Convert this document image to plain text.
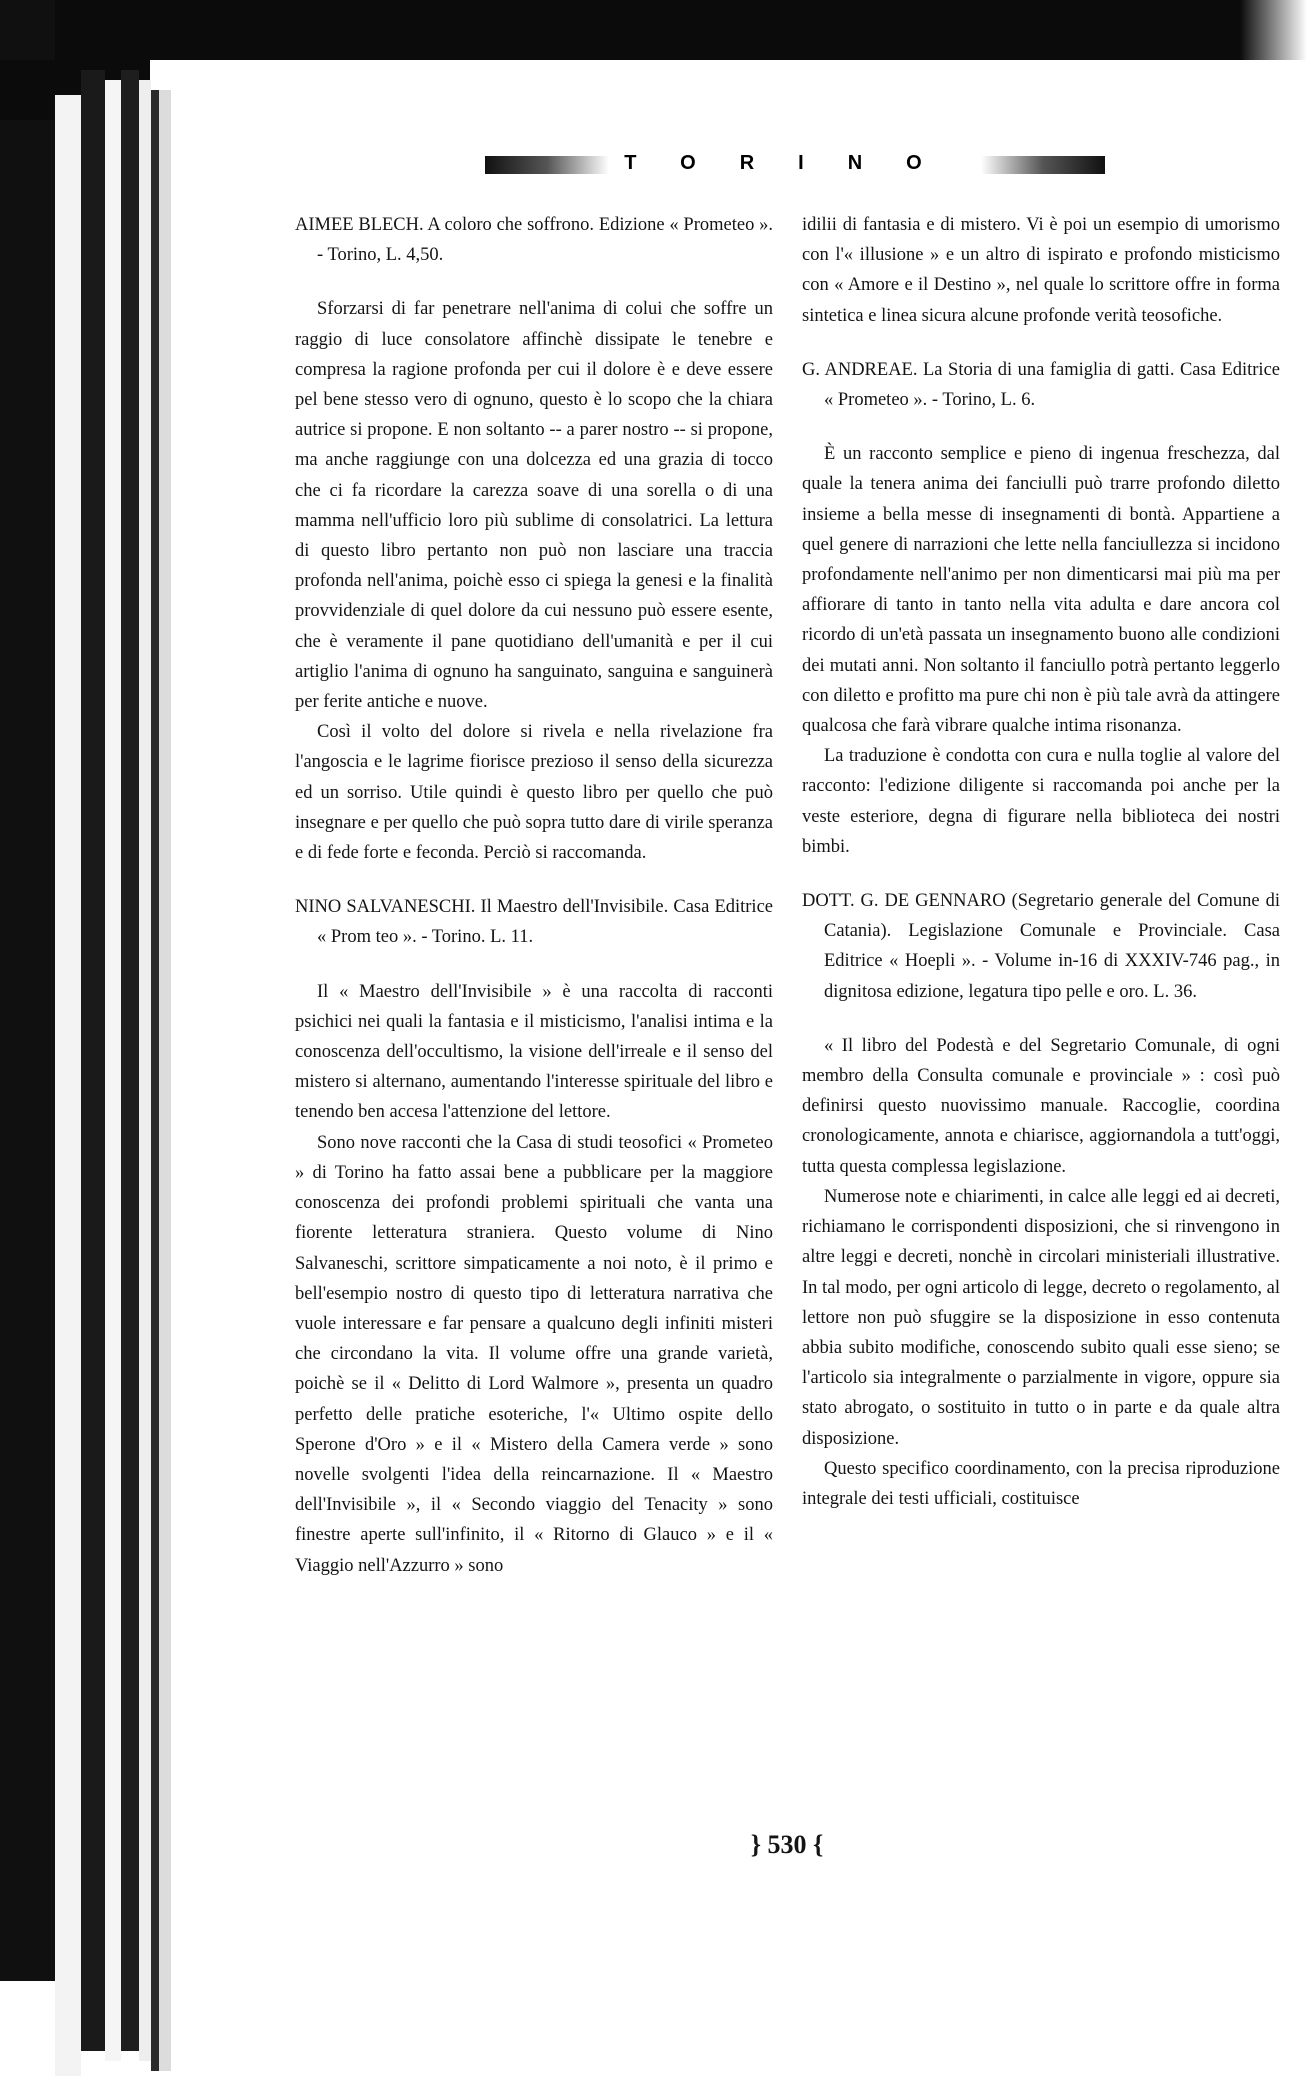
TORINO

AIMEE BLECH. A coloro che soffrono. Edizione « Prometeo ». - Torino, L. 4,50.

Sforzarsi di far penetrare nell'anima di colui che soffre un raggio di luce consolatore affinchè dissipate le tenebre e compresa la ragione profonda per cui il dolore è e deve essere pel bene stesso vero di ognuno, questo è lo scopo che la chiara autrice si propone. E non soltanto -- a parer nostro -- si propone, ma anche raggiunge con una dolcezza ed una grazia di tocco che ci fa ricordare la carezza soave di una sorella o di una mamma nell'ufficio loro più sublime di consolatrici. La lettura di questo libro pertanto non può non lasciare una traccia profonda nell'anima, poichè esso ci spiega la genesi e la finalità provvidenziale di quel dolore da cui nessuno può essere esente, che è veramente il pane quotidiano dell'umanità e per il cui artiglio l'anima di ognuno ha sanguinato, sanguina e sanguinerà per ferite antiche e nuove.

Così il volto del dolore si rivela e nella rivelazione fra l'angoscia e le lagrime fiorisce prezioso il senso della sicurezza ed un sorriso. Utile quindi è questo libro per quello che può insegnare e per quello che può sopra tutto dare di virile speranza e di fede forte e feconda. Perciò si raccomanda.

NINO SALVANESCHI. Il Maestro dell'Invisibile. Casa Editrice « Prom teo ». - Torino. L. 11.

Il « Maestro dell'Invisibile » è una raccolta di racconti psichici nei quali la fantasia e il misticismo, l'analisi intima e la conoscenza dell'occultismo, la visione dell'irreale e il senso del mistero si alternano, aumentando l'interesse spirituale del libro e tenendo ben accesa l'attenzione del lettore.

Sono nove racconti che la Casa di studi teosofici « Prometeo » di Torino ha fatto assai bene a pubblicare per la maggiore conoscenza dei profondi problemi spirituali che vanta una fiorente letteratura straniera. Questo volume di Nino Salvaneschi, scrittore simpaticamente a noi noto, è il primo e bell'esempio nostro di questo tipo di letteratura narrativa che vuole interessare e far pensare a qualcuno degli infiniti misteri che circondano la vita. Il volume offre una grande varietà, poichè se il « Delitto di Lord Walmore », presenta un quadro perfetto delle pratiche esoteriche, l'« Ultimo ospite dello Sperone d'Oro » e il « Mistero della Camera verde » sono novelle svolgenti l'idea della reincarnazione. Il « Maestro dell'Invisibile », il « Secondo viaggio del Tenacity » sono finestre aperte sull'infinito, il « Ritorno di Glauco » e il « Viaggio nell'Azzurro » sono

idilii di fantasia e di mistero. Vi è poi un esempio di umorismo con l'« illusione » e un altro di ispirato e profondo misticismo con « Amore e il Destino », nel quale lo scrittore offre in forma sintetica e linea sicura alcune profonde verità teosofiche.

G. ANDREAE. La Storia di una famiglia di gatti. Casa Editrice « Prometeo ». - Torino, L. 6.

È un racconto semplice e pieno di ingenua freschezza, dal quale la tenera anima dei fanciulli può trarre profondo diletto insieme a bella messe di insegnamenti di bontà. Appartiene a quel genere di narrazioni che lette nella fanciullezza si incidono profondamente nell'animo per non dimenticarsi mai più ma per affiorare di tanto in tanto nella vita adulta e dare ancora col ricordo di un'età passata un insegnamento buono alle condizioni dei mutati anni. Non soltanto il fanciullo potrà pertanto leggerlo con diletto e profitto ma pure chi non è più tale avrà da attingere qualcosa che farà vibrare qualche intima risonanza.

La traduzione è condotta con cura e nulla toglie al valore del racconto: l'edizione diligente si raccomanda poi anche per la veste esteriore, degna di figurare nella biblioteca dei nostri bimbi.

DOTT. G. DE GENNARO (Segretario generale del Comune di Catania). Legislazione Comunale e Provinciale. Casa Editrice « Hoepli ». - Volume in-16 di XXXIV-746 pag., in dignitosa edizione, legatura tipo pelle e oro. L. 36.

« Il libro del Podestà e del Segretario Comunale, di ogni membro della Consulta comunale e provinciale » : così può definirsi questo nuovissimo manuale. Raccoglie, coordina cronologicamente, annota e chiarisce, aggiornandola a tutt'oggi, tutta questa complessa legislazione.

Numerose note e chiarimenti, in calce alle leggi ed ai decreti, richiamano le corrispondenti disposizioni, che si rinvengono in altre leggi e decreti, nonchè in circolari ministeriali illustrative. In tal modo, per ogni articolo di legge, decreto o regolamento, al lettore non può sfuggire se la disposizione in esso contenuta abbia subito modifiche, conoscendo subito quali esse sieno; se l'articolo sia integralmente o parzialmente in vigore, oppure sia stato abrogato, o sostituito in tutto o in parte e da quale altra disposizione.

Questo specifico coordinamento, con la precisa riproduzione integrale dei testi ufficiali, costituisce

} 530 {
